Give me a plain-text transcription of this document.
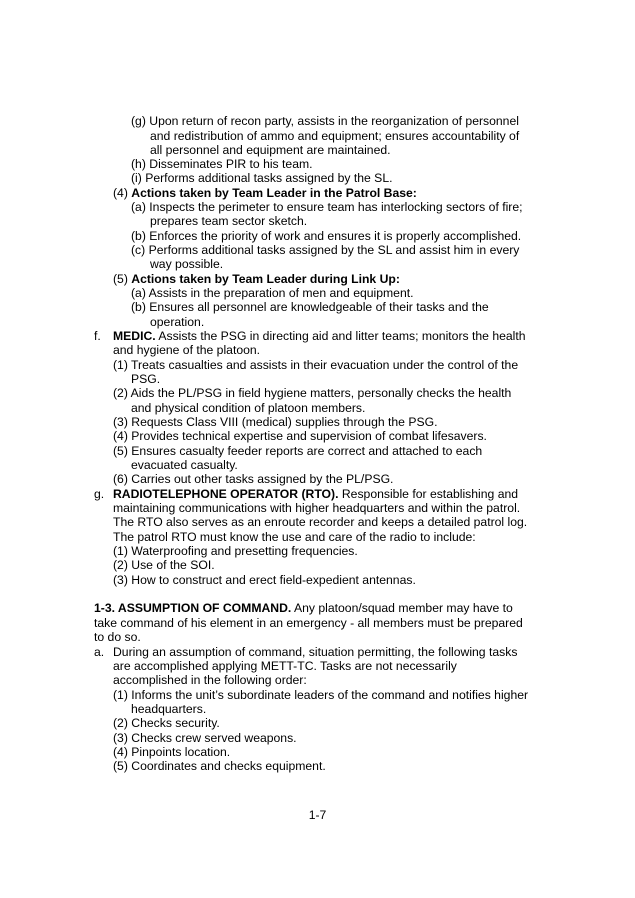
(g) Upon return of recon party, assists in the reorganization of personnel
and redistribution of ammo and equipment; ensures accountability of
all personnel and equipment are maintained.
(h) Disseminates PIR to his team.
(i) Performs additional tasks assigned by the SL.
(4) Actions taken by Team Leader in the Patrol Base:
(a) Inspects the perimeter to ensure team has interlocking sectors of fire;
prepares team sector sketch.
(b) Enforces the priority of work and ensures it is properly accomplished.
(c) Performs additional tasks assigned by the SL and assist him in every
way possible.
(5) Actions taken by Team Leader during Link Up:
(a) Assists in the preparation of men and equipment.
(b) Ensures all personnel are knowledgeable of their tasks and the
operation.
f. MEDIC. Assists the PSG in directing aid and litter teams; monitors the health
and hygiene of the platoon.
(1) Treats casualties and assists in their evacuation under the control of the
PSG.
(2) Aids the PL/PSG in field hygiene matters, personally checks the health
and physical condition of platoon members.
(3) Requests Class VIII (medical) supplies through the PSG.
(4) Provides technical expertise and supervision of combat lifesavers.
(5) Ensures casualty feeder reports are correct and attached to each
evacuated casualty.
(6) Carries out other tasks assigned by the PL/PSG.
g. RADIOTELEPHONE OPERATOR (RTO). Responsible for establishing and
maintaining communications with higher headquarters and within the patrol.
The RTO also serves as an enroute recorder and keeps a detailed patrol log.
The patrol RTO must know the use and care of the radio to include:
(1) Waterproofing and presetting frequencies.
(2) Use of the SOI.
(3) How to construct and erect field-expedient antennas.
1-3. ASSUMPTION OF COMMAND. Any platoon/squad member may have to
take command of his element in an emergency - all members must be prepared
to do so.
a. During an assumption of command, situation permitting, the following tasks
are accomplished applying METT-TC. Tasks are not necessarily
accomplished in the following order:
(1) Informs the unit’s subordinate leaders of the command and notifies higher
headquarters.
(2) Checks security.
(3) Checks crew served weapons.
(4) Pinpoints location.
(5) Coordinates and checks equipment.
1-7
